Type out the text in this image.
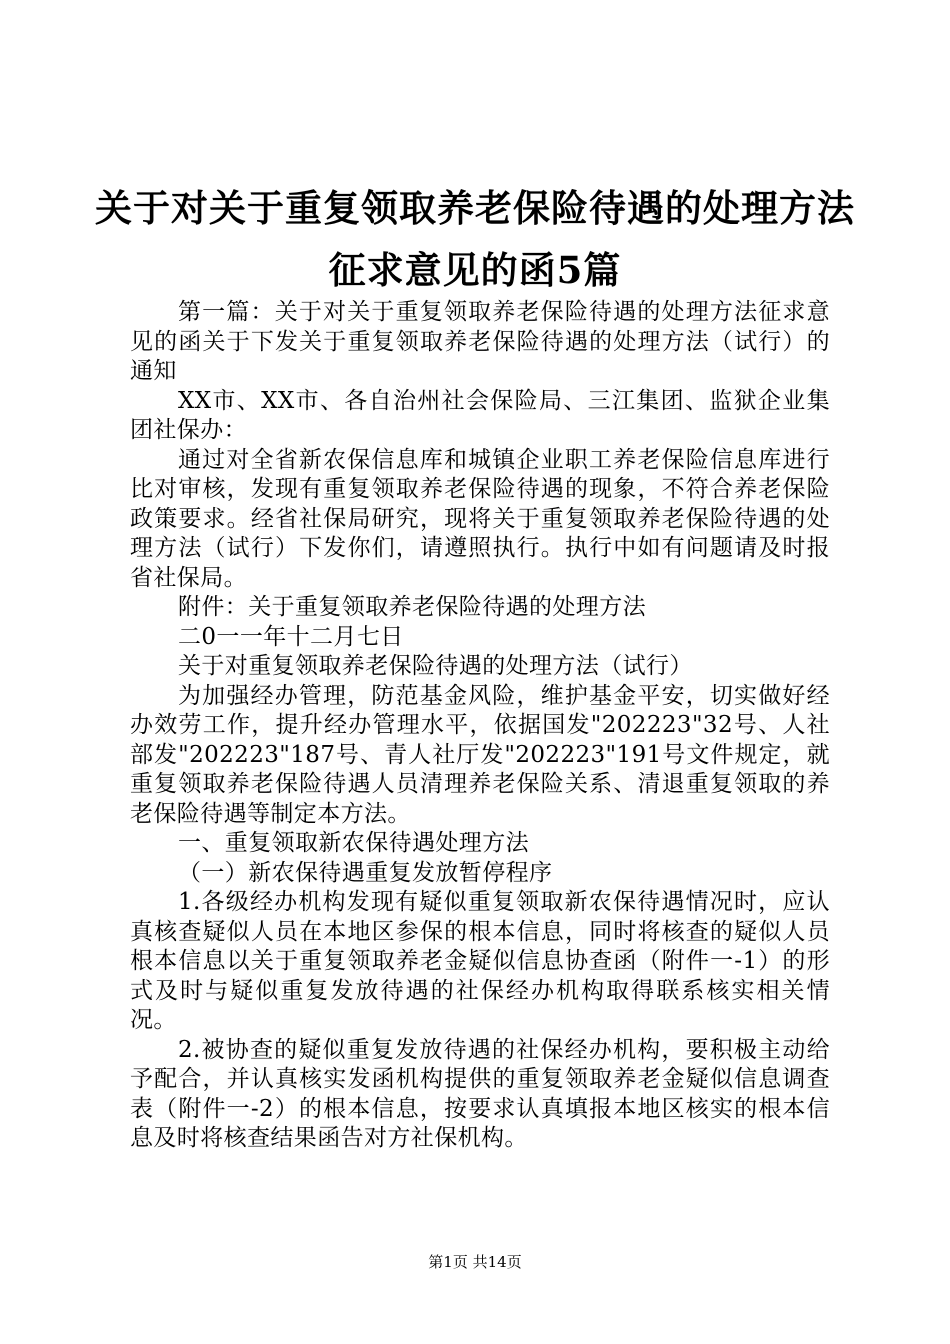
关于对关于重复领取养老保险待遇的处理方法
征求意见的函5篇

第一篇：关于对关于重复领取养老保险待遇的处理方法征求意见的函关于下发关于重复领取养老保险待遇的处理方法（试行）的通知

XX市、XX市、各自治州社会保险局、三江集团、监狱企业集团社保办：

通过对全省新农保信息库和城镇企业职工养老保险信息库进行比对审核，发现有重复领取养老保险待遇的现象，不符合养老保险政策要求。经省社保局研究，现将关于重复领取养老保险待遇的处理方法（试行）下发你们，请遵照执行。执行中如有问题请及时报省社保局。

附件：关于重复领取养老保险待遇的处理方法

二0一一年十二月七日

关于对重复领取养老保险待遇的处理方法（试行）

为加强经办管理，防范基金风险，维护基金平安，切实做好经办效劳工作，提升经办管理水平，依据国发"202223"32号、人社部发"202223"187号、青人社厅发"202223"191号文件规定，就重复领取养老保险待遇人员清理养老保险关系、清退重复领取的养老保险待遇等制定本方法。

一、重复领取新农保待遇处理方法

（一）新农保待遇重复发放暂停程序

1.各级经办机构发现有疑似重复领取新农保待遇情况时，应认真核查疑似人员在本地区参保的根本信息，同时将核查的疑似人员根本信息以关于重复领取养老金疑似信息协查函（附件一-1）的形式及时与疑似重复发放待遇的社保经办机构取得联系核实相关情况。

2.被协查的疑似重复发放待遇的社保经办机构，要积极主动给予配合，并认真核实发函机构提供的重复领取养老金疑似信息调查表（附件一-2）的根本信息，按要求认真填报本地区核实的根本信息及时将核查结果函告对方社保机构。

第1页 共14页
